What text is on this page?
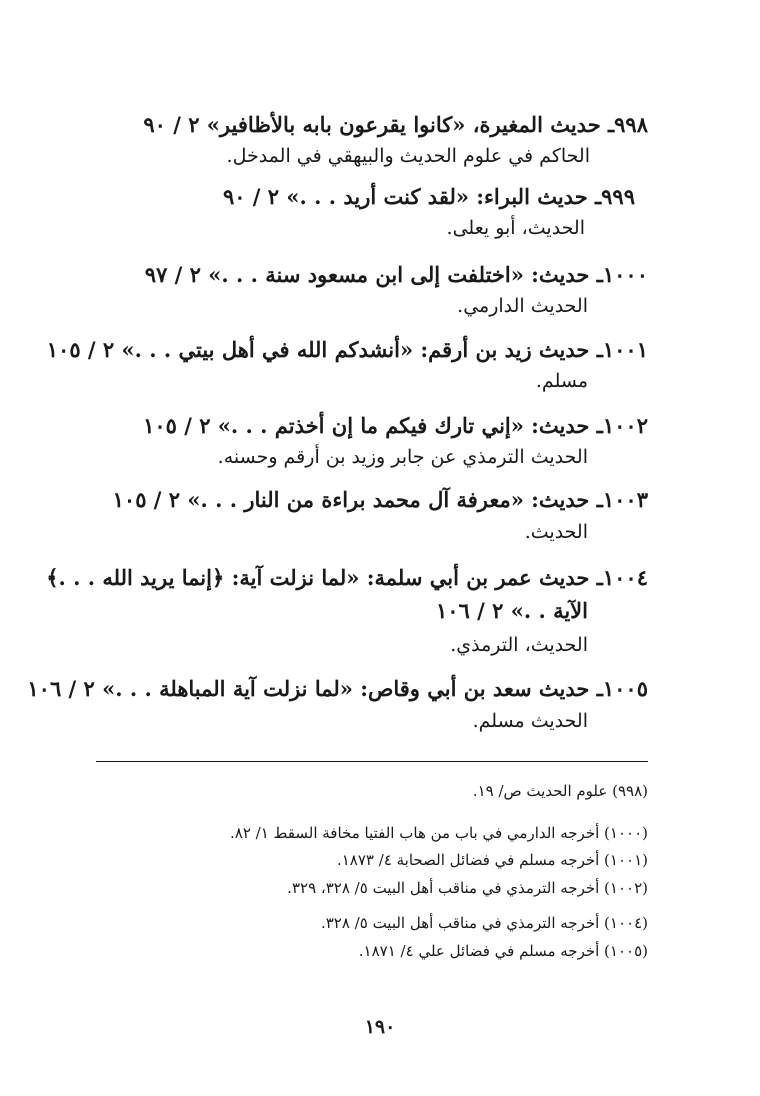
٩٩٨ـ حديث المغيرة، «كانوا يقرعون بابه بالأظافير» ٢ / ٩٠
الحاكم في علوم الحديث والبيهقي في المدخل.
٩٩٩ـ حديث البراء: «لقد كنت أريد . . .» ٢ / ٩٠
الحديث، أبو يعلى.
١٠٠٠ـ حديث: «اختلفت إلى ابن مسعود سنة . . .» ٢ / ٩٧
الحديث الدارمي.
١٠٠١ـ حديث زيد بن أرقم: «أنشدكم الله في أهل بيتي . . .» ٢ / ١٠٥
مسلم.
١٠٠٢ـ حديث: «إني تارك فيكم ما إن أخذتم . . .» ٢ / ١٠٥
الحديث الترمذي عن جابر وزيد بن أرقم وحسنه.
١٠٠٣ـ حديث: «معرفة آل محمد براءة من النار . . .» ٢ / ١٠٥
الحديث.
١٠٠٤ـ حديث عمر بن أبي سلمة: «لما نزلت آية: ﴿إنما يريد الله . . .﴾
الآية . .» ٢ / ١٠٦
الحديث، الترمذي.
١٠٠٥ـ حديث سعد بن أبي وقاص: «لما نزلت آية المباهلة . . .» ٢ / ١٠٦
الحديث مسلم.
(٩٩٨) علوم الحديث ص/ ١٩.
(١٠٠٠) أخرجه الدارمي في باب من هاب الفتيا مخافة السقط ١/ ٨٢.
(١٠٠١) أخرجه مسلم في فضائل الصحابة ٤/ ١٨٧٣.
(١٠٠٢) أخرجه الترمذي في مناقب أهل البيت ٥/ ٣٢٨، ٣٢٩.
(١٠٠٤) أخرجه الترمذي في مناقب أهل البيت ٥/ ٣٢٨.
(١٠٠٥) أخرجه مسلم في فضائل علي ٤/ ١٨٧١.
١٩٠
